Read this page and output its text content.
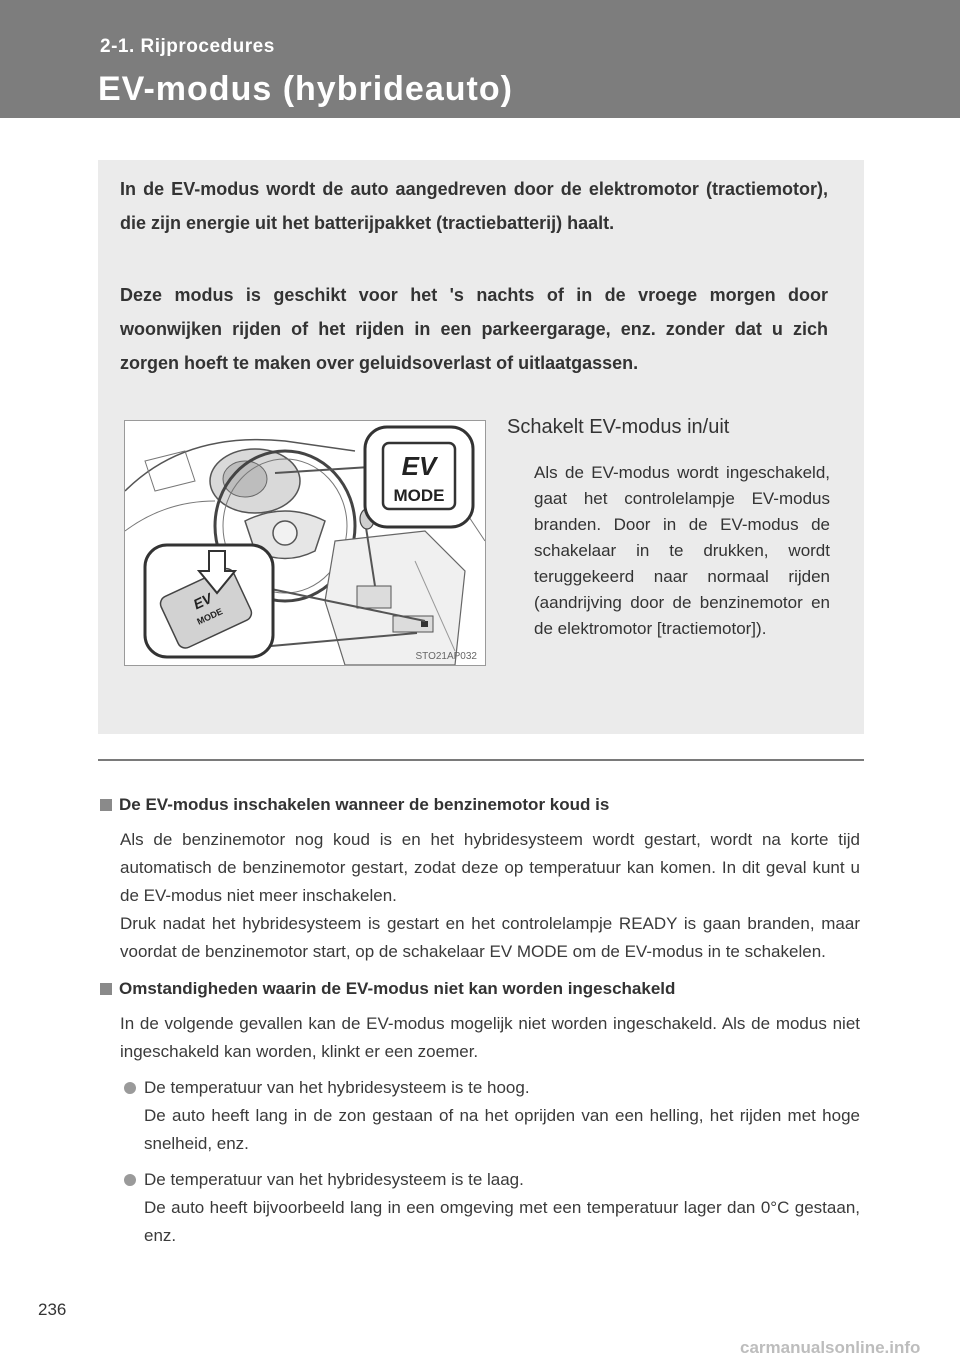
2-1. Rijprocedures

EV-modus (hybrideauto)

In de EV-modus wordt de auto aangedreven door de elektromotor (tractiemotor), die zijn energie uit het batterijpakket (tractiebatterij) haalt.

Deze modus is geschikt voor het 's nachts of in de vroege morgen door woonwijken rijden of het rijden in een parkeergarage, enz. zonder dat u zich zorgen hoeft te maken over geluidsoverlast of uitlaatgassen.

EV
MODE
EV
MODE
STO21AP032

Schakelt EV-modus in/uit

Als de EV-modus wordt ingeschakeld, gaat het controlelampje EV-modus branden. Door in de EV-modus de schakelaar in te drukken, wordt teruggekeerd naar normaal rijden (aandrijving door de benzinemotor en de elektromotor [tractiemotor]).

De EV-modus inschakelen wanneer de benzinemotor koud is

Als de benzinemotor nog koud is en het hybridesysteem wordt gestart, wordt na korte tijd automatisch de benzinemotor gestart, zodat deze op temperatuur kan komen. In dit geval kunt u de EV-modus niet meer inschakelen.

Druk nadat het hybridesysteem is gestart en het controlelampje READY is gaan branden, maar voordat de benzinemotor start, op de schakelaar EV MODE om de EV-modus in te schakelen.

Omstandigheden waarin de EV-modus niet kan worden ingeschakeld

In de volgende gevallen kan de EV-modus mogelijk niet worden ingeschakeld. Als de modus niet ingeschakeld kan worden, klinkt er een zoemer.

De temperatuur van het hybridesysteem is te hoog.
De auto heeft lang in de zon gestaan of na het oprijden van een helling, het rijden met hoge snelheid, enz.
De temperatuur van het hybridesysteem is te laag.
De auto heeft bijvoorbeeld lang in een omgeving met een temperatuur lager dan 0°C gestaan, enz.

236

carmanualsonline.info
